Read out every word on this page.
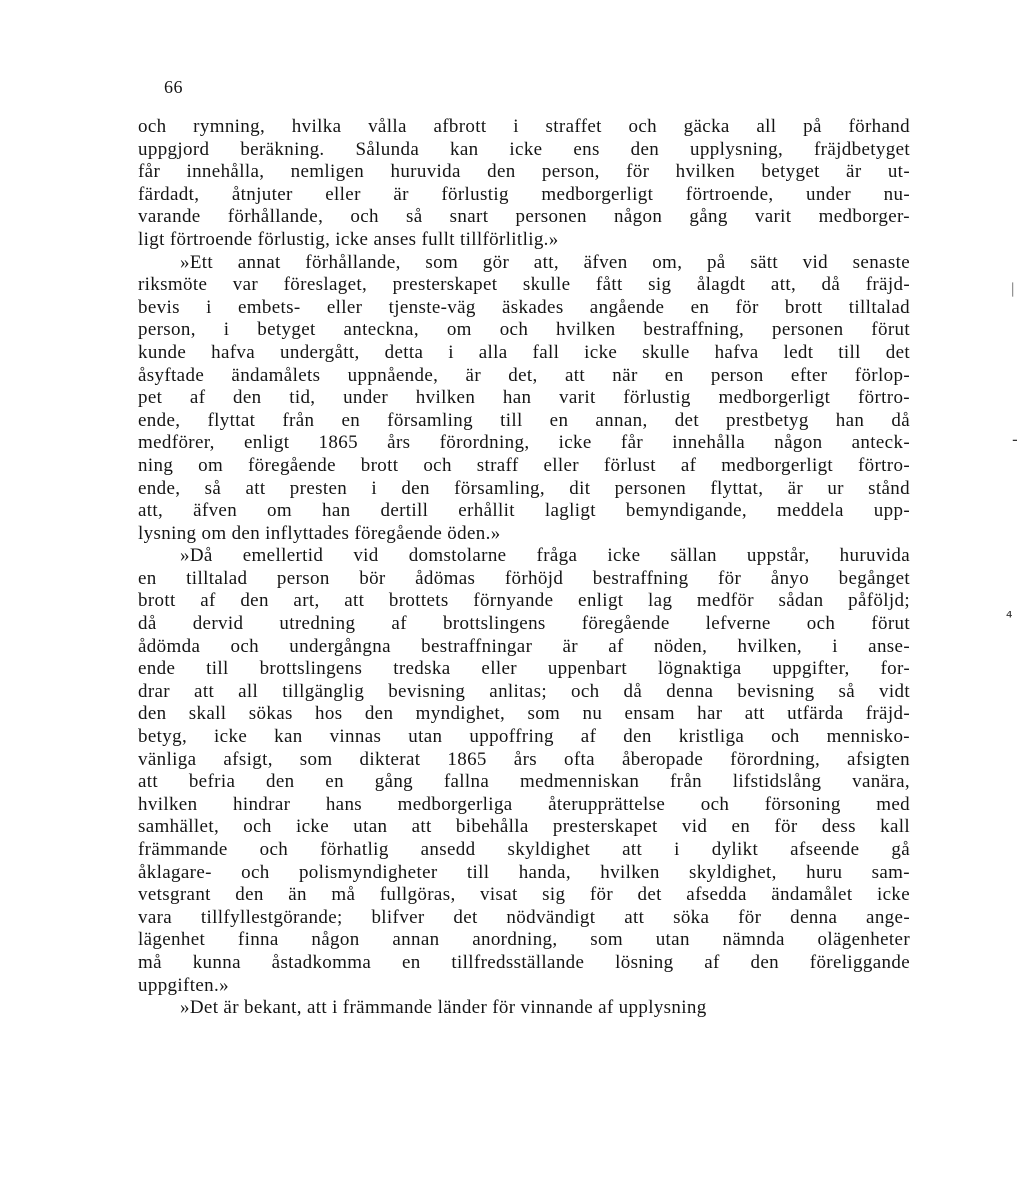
66
och rymning, hvilka vålla afbrott i straffet och gäcka all på förhand
uppgjord beräkning. Sålunda kan icke ens den upplysning, fräjdbetyget
får innehålla, nemligen huruvida den person, för hvilken betyget är ut-
färdadt, åtnjuter eller är förlustig medborgerligt förtroende, under nu-
varande förhållande, och så snart personen någon gång varit medborger-
ligt förtroende förlustig, icke anses fullt tillförlitlig.»
»Ett annat förhållande, som gör att, äfven om, på sätt vid senaste
riksmöte var föreslaget, presterskapet skulle fått sig ålagdt att, då fräjd-
bevis i embets- eller tjenste-väg äskades angående en för brott tilltalad
person, i betyget anteckna, om och hvilken bestraffning, personen förut
kunde hafva undergått, detta i alla fall icke skulle hafva ledt till det
åsyftade ändamålets uppnående, är det, att när en person efter förlop-
pet af den tid, under hvilken han varit förlustig medborgerligt förtro-
ende, flyttat från en församling till en annan, det prestbetyg han då
medförer, enligt 1865 års förordning, icke får innehålla någon anteck-
ning om föregående brott och straff eller förlust af medborgerligt förtro-
ende, så att presten i den församling, dit personen flyttat, är ur stånd
att, äfven om han dertill erhållit lagligt bemyndigande, meddela upp-
lysning om den inflyttades föregående öden.»
»Då emellertid vid domstolarne fråga icke sällan uppstår, huruvida
en tilltalad person bör ådömas förhöjd bestraffning för ånyo begånget
brott af den art, att brottets förnyande enligt lag medför sådan påföljd;
då dervid utredning af brottslingens föregående lefverne och förut
ådömda och undergångna bestraffningar är af nöden, hvilken, i anse-
ende till brottslingens tredska eller uppenbart lögnaktiga uppgifter, for-
drar att all tillgänglig bevisning anlitas; och då denna bevisning så vidt
den skall sökas hos den myndighet, som nu ensam har att utfärda fräjd-
betyg, icke kan vinnas utan uppoffring af den kristliga och mennisko-
vänliga afsigt, som dikterat 1865 års ofta åberopade förordning, afsigten
att befria den en gång fallna medmenniskan från lifstidslång vanära,
hvilken hindrar hans medborgerliga återupprättelse och försoning med
samhället, och icke utan att bibehålla presterskapet vid en för dess kall
främmande och förhatlig ansedd skyldighet att i dylikt afseende gå
åklagare- och polismyndigheter till handa, hvilken skyldighet, huru sam-
vetsgrant den än må fullgöras, visat sig för det afsedda ändamålet icke
vara tillfyllestgörande; blifver det nödvändigt att söka för denna ange-
lägenhet finna någon annan anordning, som utan nämnda olägenheter
må kunna åstadkomma en tillfredsställande lösning af den föreliggande
uppgiften.»
»Det är bekant, att i främmande länder för vinnande af upplysning
ᛁ
-
⁴
